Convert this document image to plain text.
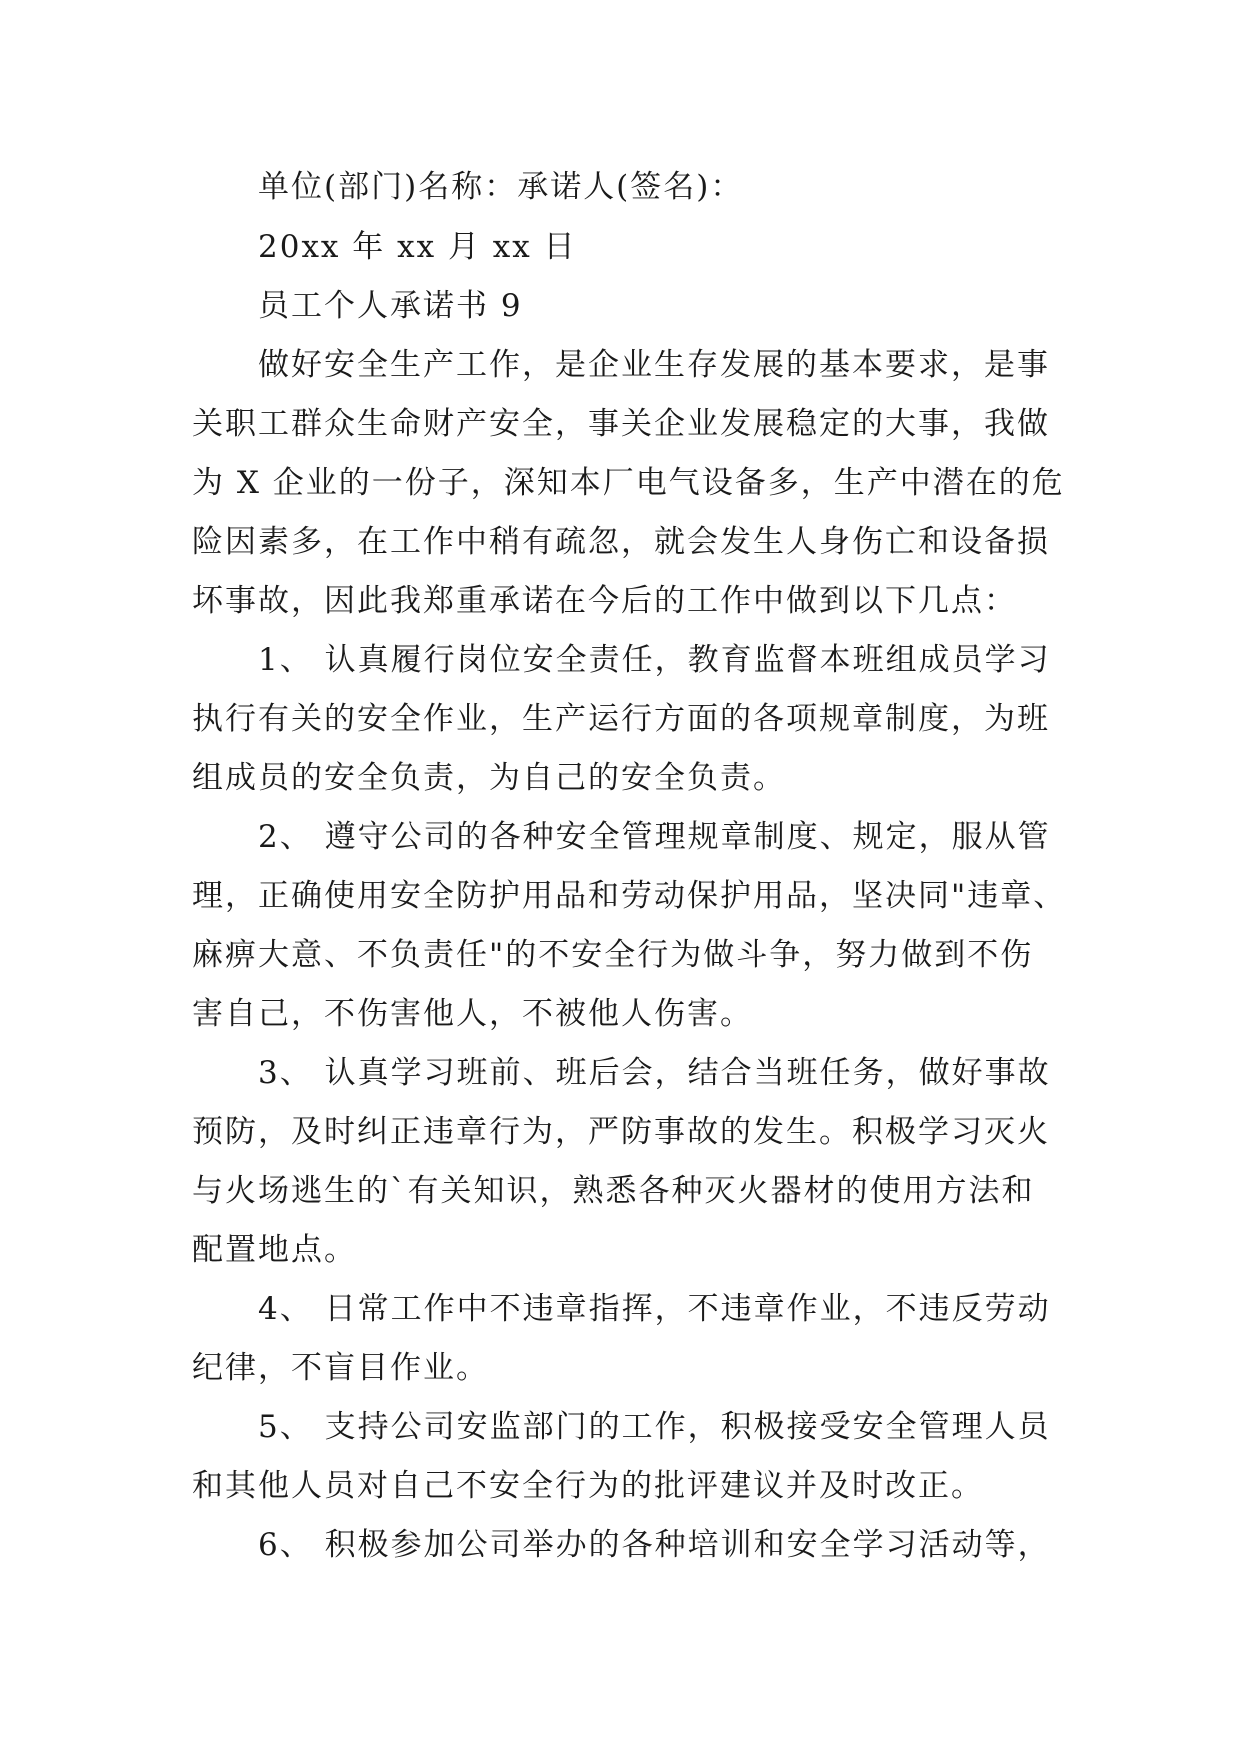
单位(部门)名称：承诺人(签名)：

20xx 年 xx 月 xx 日

员工个人承诺书 9

做好安全生产工作，是企业生存发展的基本要求，是事

关职工群众生命财产安全，事关企业发展稳定的大事，我做

为 X 企业的一份子，深知本厂电气设备多，生产中潜在的危

险因素多，在工作中稍有疏忽，就会发生人身伤亡和设备损

坏事故，因此我郑重承诺在今后的工作中做到以下几点：

1、 认真履行岗位安全责任，教育监督本班组成员学习

执行有关的安全作业，生产运行方面的各项规章制度，为班

组成员的安全负责，为自己的安全负责。

2、 遵守公司的各种安全管理规章制度、规定，服从管

理，正确使用安全防护用品和劳动保护用品，坚决同"违章、

麻痹大意、不负责任"的不安全行为做斗争，努力做到不伤

害自己，不伤害他人，不被他人伤害。

3、 认真学习班前、班后会，结合当班任务，做好事故

预防，及时纠正违章行为，严防事故的发生。积极学习灭火

与火场逃生的`有关知识，熟悉各种灭火器材的使用方法和

配置地点。

4、 日常工作中不违章指挥，不违章作业，不违反劳动

纪律，不盲目作业。

5、 支持公司安监部门的工作，积极接受安全管理人员

和其他人员对自己不安全行为的批评建议并及时改正。

6、 积极参加公司举办的各种培训和安全学习活动等，
